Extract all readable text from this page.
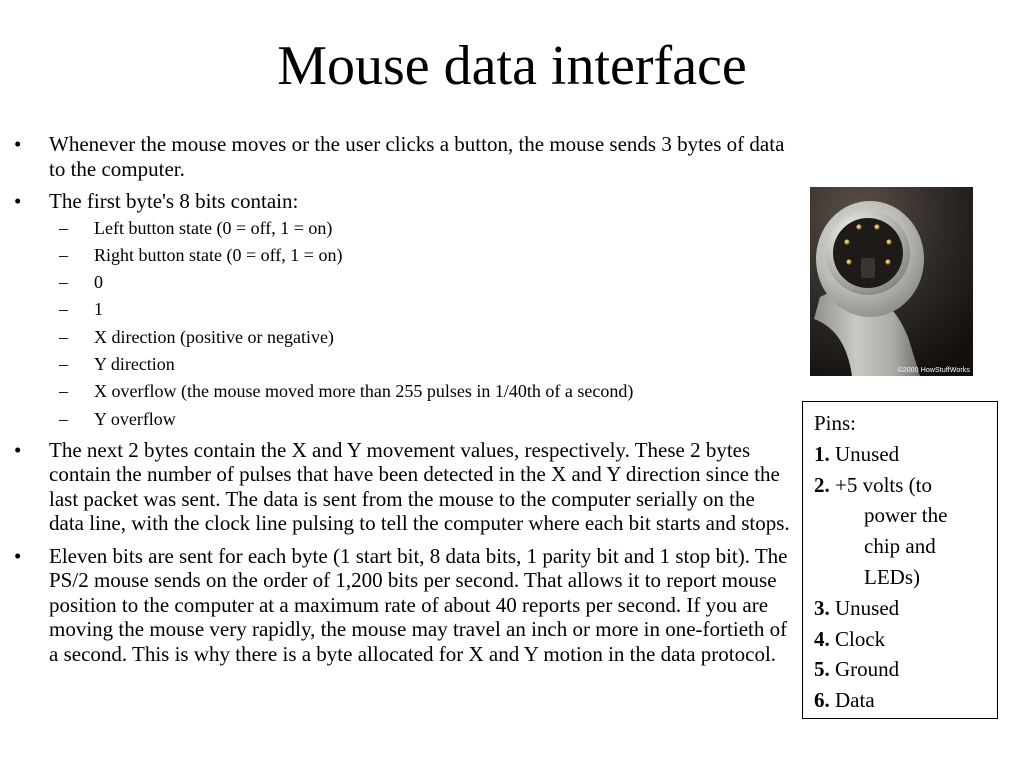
Mouse data interface
•	Whenever the mouse moves or the user clicks a button, the mouse sends 3 bytes of data to the computer.
•	The first byte's 8 bits contain:
– Left button state (0 = off, 1 = on)
– Right button state (0 = off, 1 = on)
– 0
– 1
– X direction (positive or negative)
– Y direction
– X overflow (the mouse moved more than 255 pulses in 1/40th of a second)
– Y overflow
•	The next 2 bytes contain the X and Y movement values, respectively. These 2 bytes contain the number of pulses that have been detected in the X and Y direction since the last packet was sent. The data is sent from the mouse to the computer serially on the data line, with the clock line pulsing to tell the computer where each bit starts and stops.
•	Eleven bits are sent for each byte (1 start bit, 8 data bits, 1 parity bit and 1 stop bit). The PS/2 mouse sends on the order of 1,200 bits per second. That allows it to report mouse position to the computer at a maximum rate of about 40 reports per second. If you are moving the mouse very rapidly, the mouse may travel an inch or more in one-fortieth of a second. This is why there is a byte allocated for X and Y motion in the data protocol.
©2000 HowStuffWorks
Pins:
1. Unused
2. +5 volts (to power the chip and LEDs)
3. Unused
4. Clock
5. Ground
6. Data
